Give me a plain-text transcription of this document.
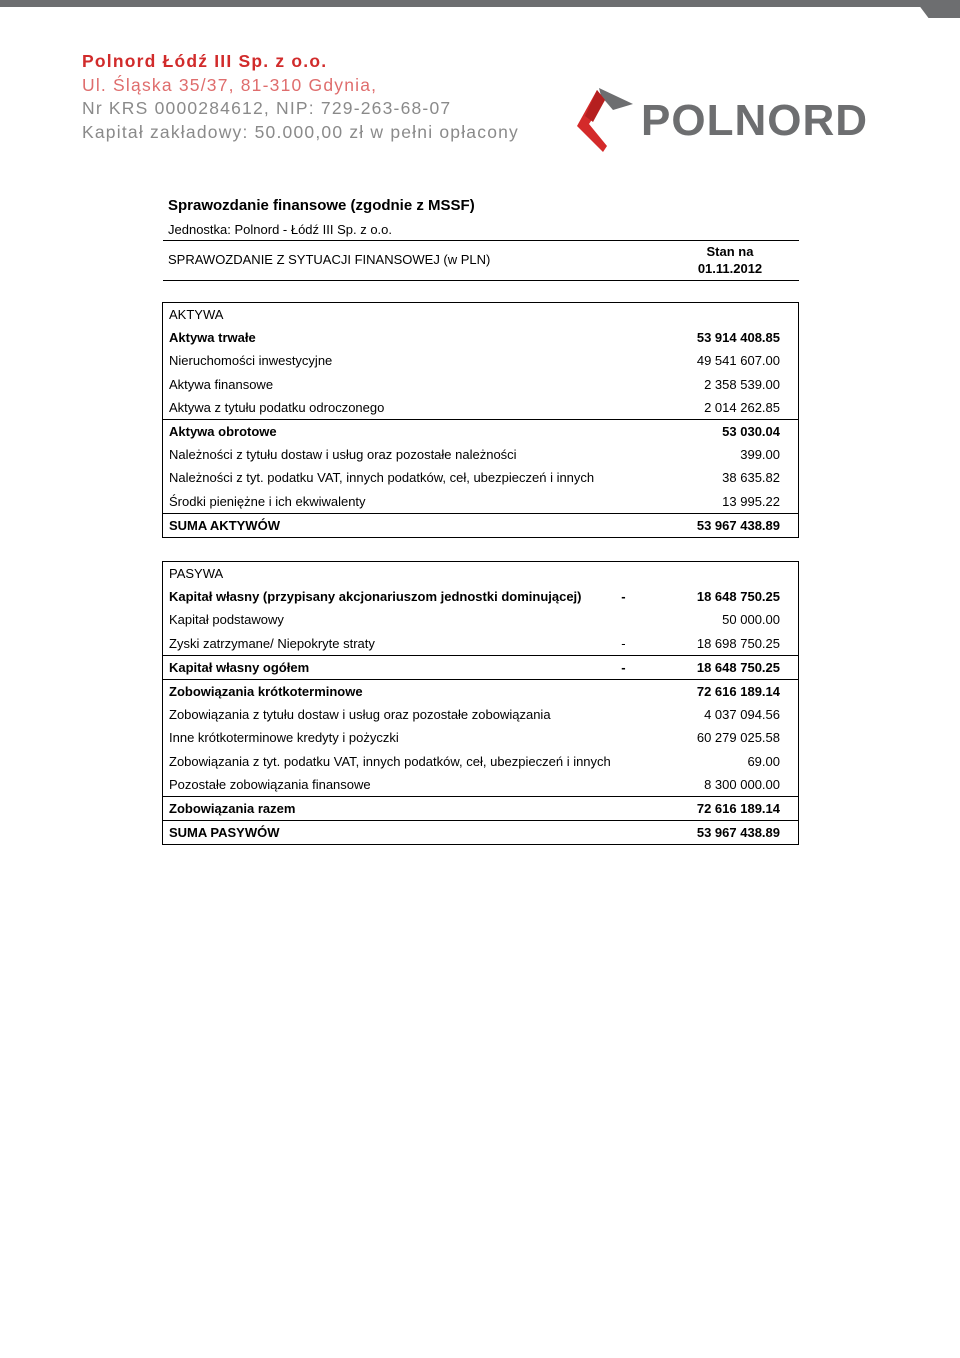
Polnord Łódź III Sp. z o.o.
Ul. Śląska 35/37, 81-310 Gdynia,
Nr KRS 0000284612, NIP: 729-263-68-07
Kapitał zakładowy: 50.000,00 zł w pełni opłacony	POLNORD
Sprawozdanie finansowe (zgodnie z MSSF)
Jednostka: Polnord - Łódź III Sp. z o.o.
SPRAWOZDANIE Z SYTUACJI FINANSOWEJ (w PLN)
Stan na
01.11.2012
AKTYWA		
Aktywa trwałe		53 914 408.85
Nieruchomości inwestycyjne		49 541 607.00
Aktywa finansowe		2 358 539.00
Aktywa z tytułu podatku odroczonego		2 014 262.85
Aktywa obrotowe		53 030.04
Należności z tytułu dostaw i usług oraz pozostałe należności		399.00
Należności z tyt. podatku VAT, innych podatków, ceł, ubezpieczeń i innych		38 635.82
Środki pieniężne i ich ekwiwalenty		13 995.22
SUMA AKTYWÓW		53 967 438.89
PASYWA		
Kapitał własny (przypisany akcjonariuszom jednostki dominującej)	-	18 648 750.25
Kapitał podstawowy		50 000.00
Zyski zatrzymane/ Niepokryte straty	-	18 698 750.25
Kapitał własny ogółem	-	18 648 750.25
Zobowiązania krótkoterminowe		72 616 189.14
Zobowiązania z tytułu dostaw i usług oraz pozostałe zobowiązania		4 037 094.56
Inne krótkoterminowe kredyty i pożyczki		60 279 025.58
Zobowiązania z tyt. podatku VAT, innych podatków, ceł, ubezpieczeń i innych		69.00
Pozostałe zobowiązania finansowe		8 300 000.00
Zobowiązania razem		72 616 189.14
SUMA PASYWÓW		53 967 438.89
